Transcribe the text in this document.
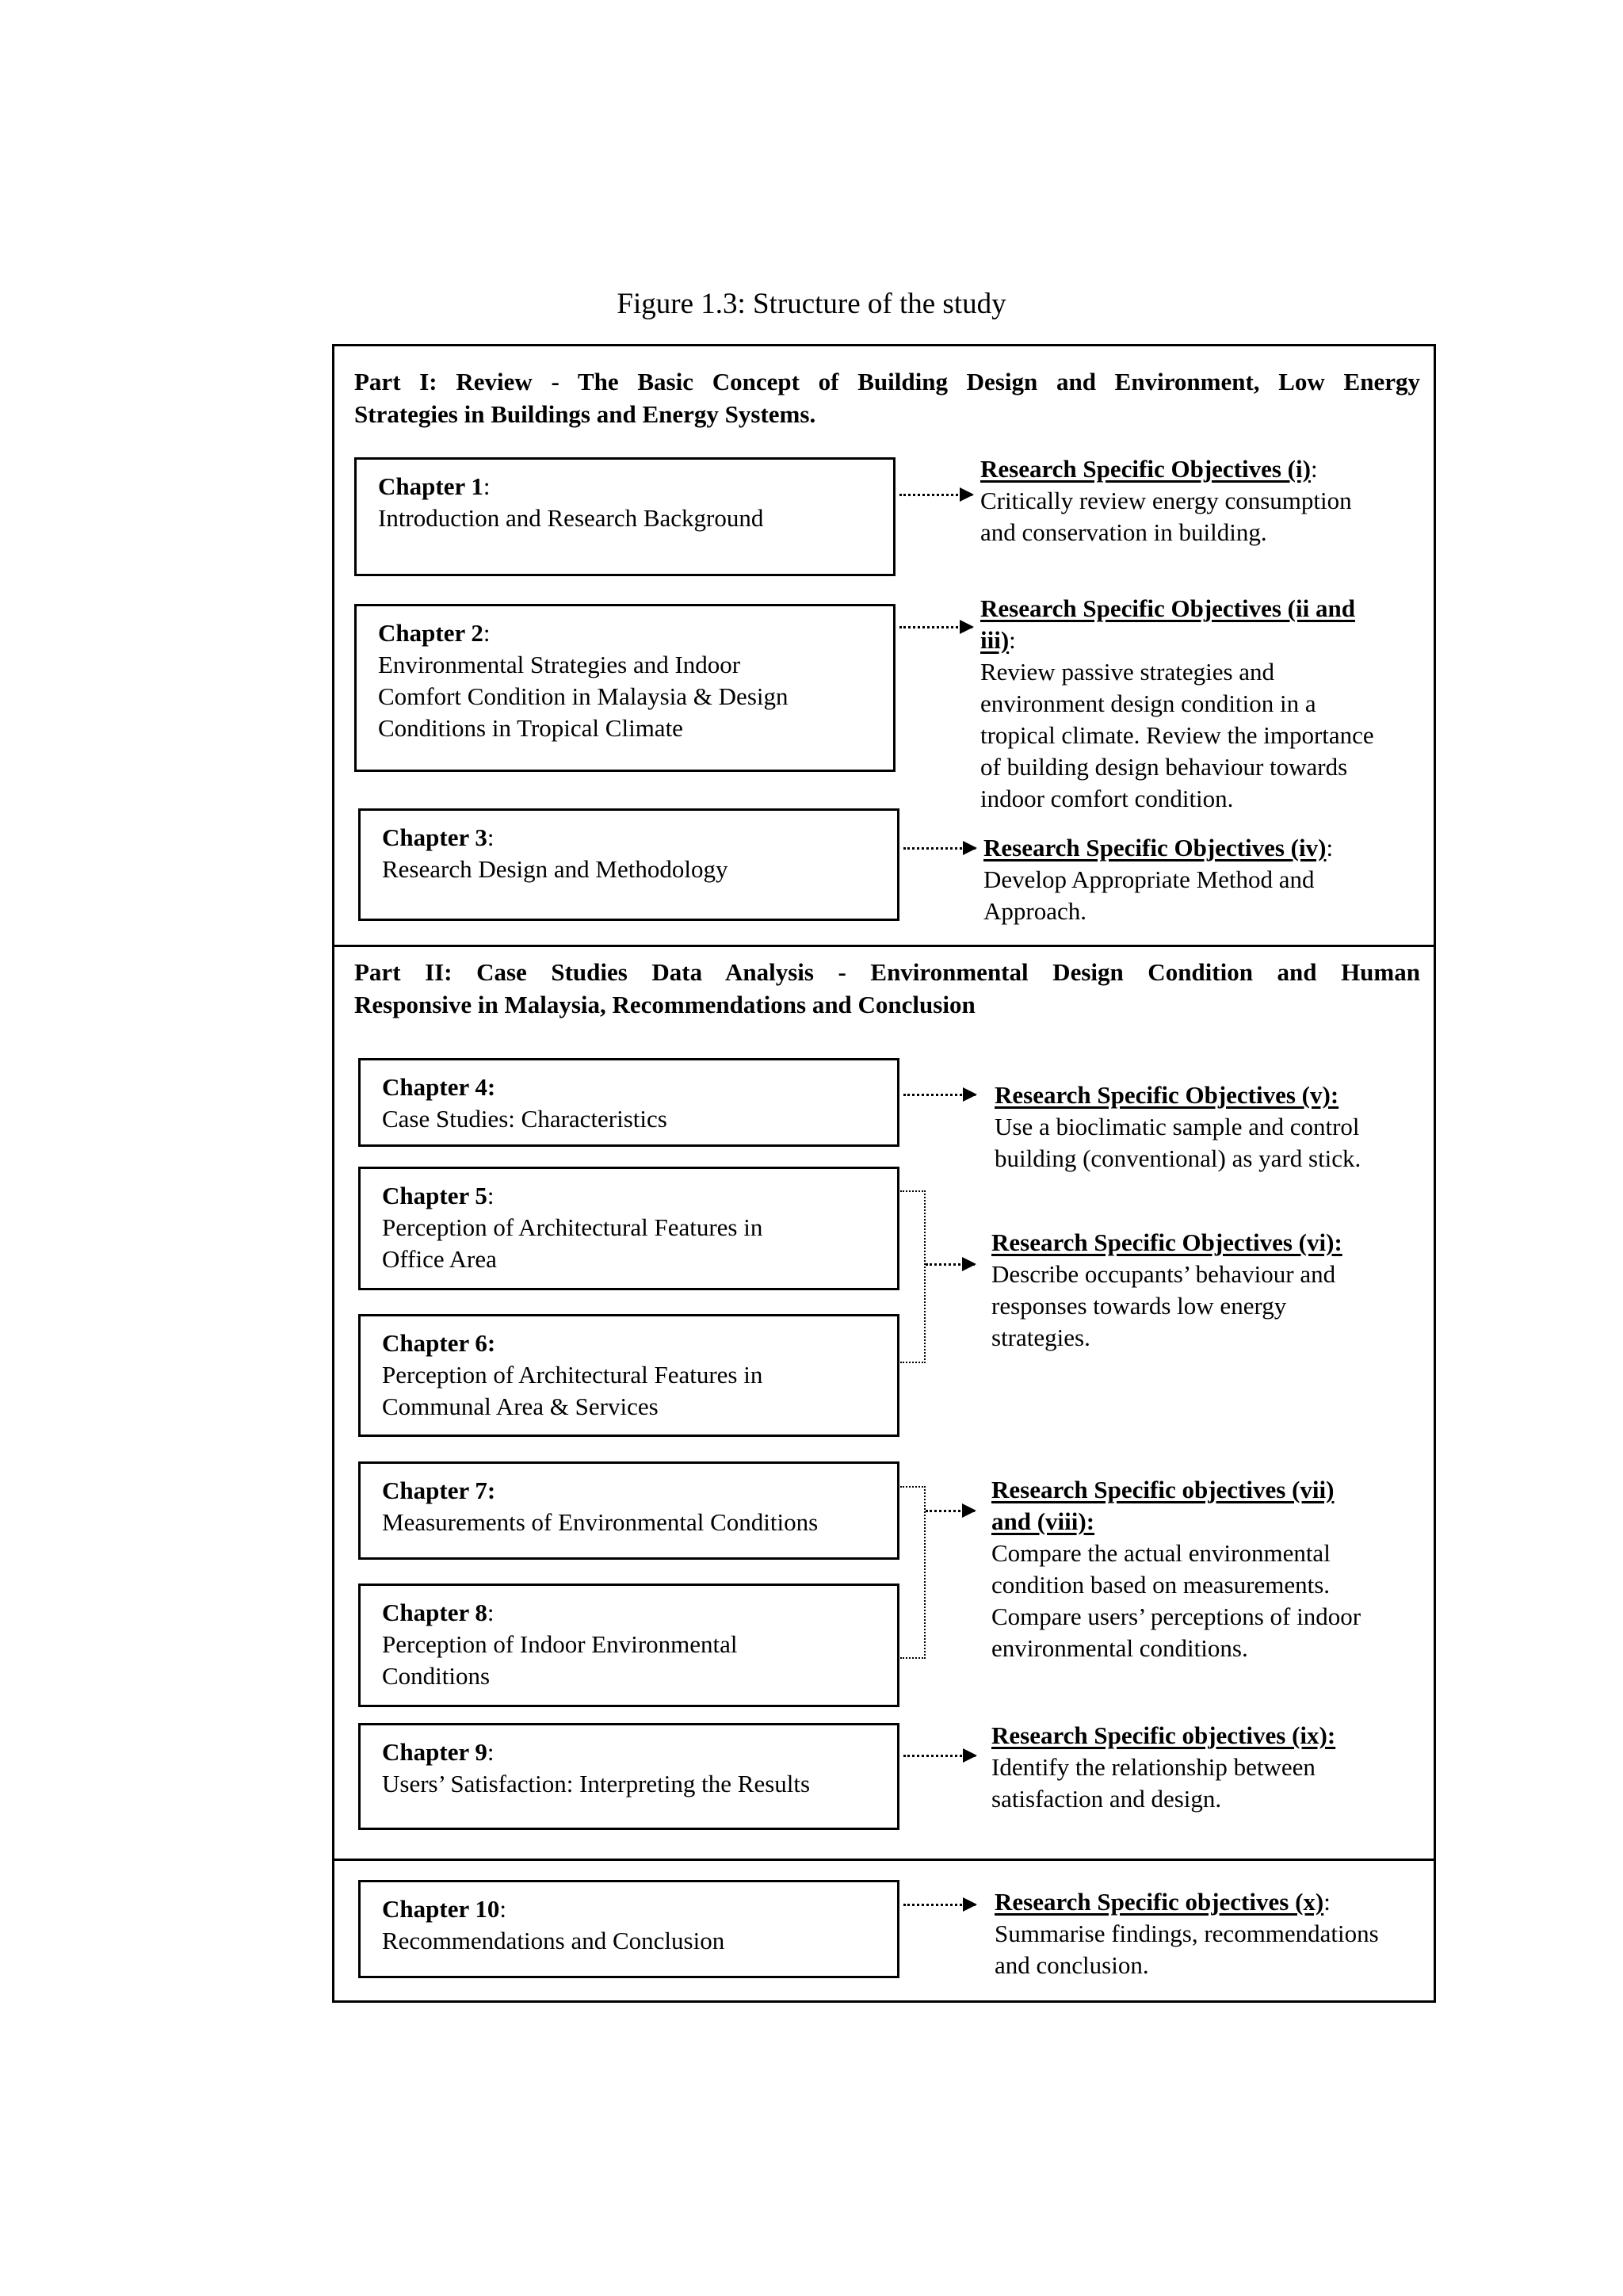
Figure 1.3: Structure of the study
Part I: Review - The Basic Concept of Building Design and Environment, Low Energy
Strategies in Buildings and Energy Systems.
Part II: Case Studies Data Analysis - Environmental Design Condition and Human
Responsive in Malaysia, Recommendations and Conclusion
Chapter 1:
Introduction and Research Background
Chapter 2:
Environmental Strategies and Indoor
Comfort Condition in Malaysia & Design
Conditions in Tropical Climate
Chapter 3:
Research Design and Methodology
Chapter 4:
Case Studies: Characteristics
Chapter 5:
Perception of Architectural Features in
Office Area
Chapter 6:
Perception of Architectural Features in
Communal Area & Services
Chapter 7:
Measurements of Environmental Conditions
Chapter 8:
Perception of Indoor Environmental
Conditions
Chapter 9:
Users’ Satisfaction: Interpreting the Results
Chapter 10:
Recommendations and Conclusion
Research Specific Objectives (i):
Critically review energy consumption
and conservation in building.
Research Specific Objectives (ii and
iii):
Review passive strategies and
environment design condition in a
tropical climate. Review the importance
of building design behaviour towards
indoor comfort condition.
Research Specific Objectives (iv):
Develop Appropriate Method and
Approach.
Research Specific Objectives (v):
Use a bioclimatic sample and control
building (conventional) as yard stick.
Research Specific Objectives (vi):
Describe occupants’ behaviour and
responses towards low energy
strategies.
Research Specific objectives (vii)
and (viii):
Compare the actual environmental
condition based on measurements.
Compare users’ perceptions of indoor
environmental conditions.
Research Specific objectives (ix):
Identify the relationship between
satisfaction and design.
Research Specific objectives (x):
Summarise findings, recommendations
and conclusion.
